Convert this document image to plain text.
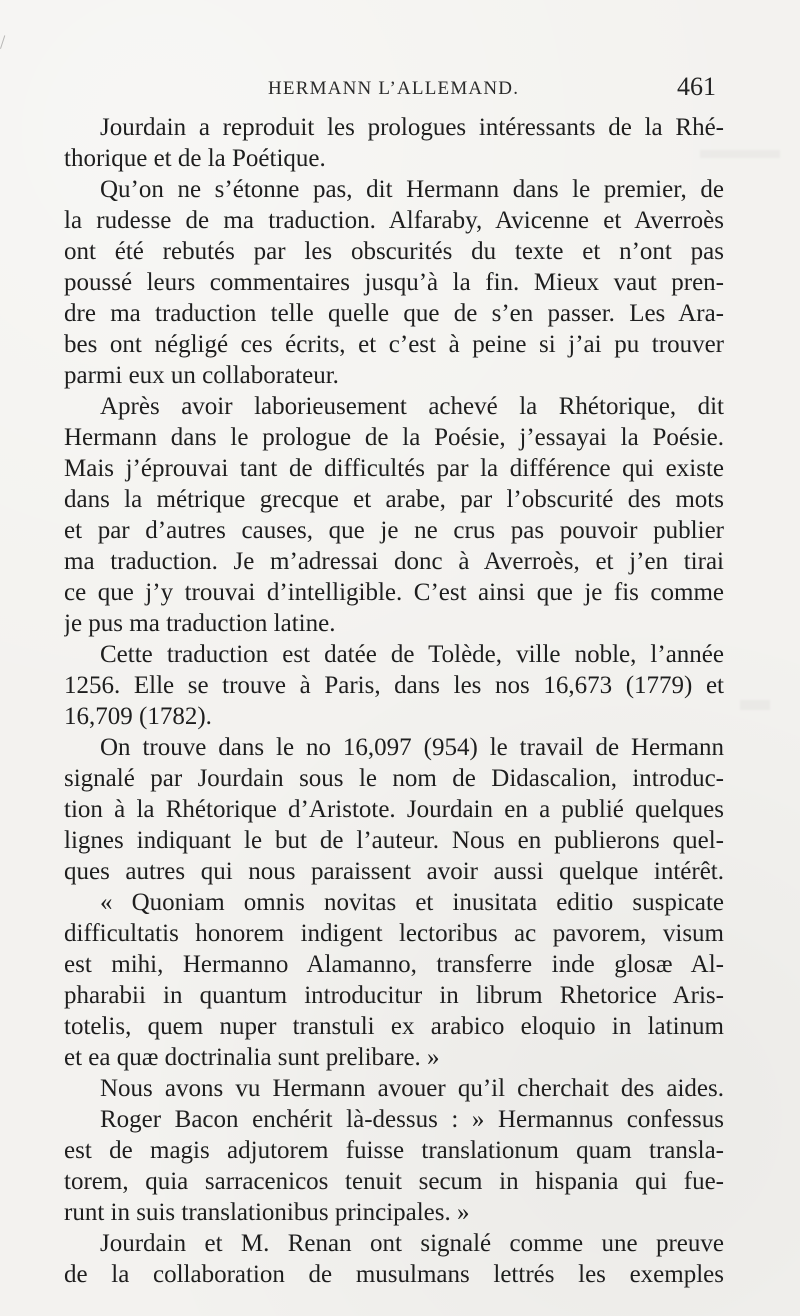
HERMANN L’ALLEMAND.	461
Jourdain a reproduit les prologues intéressants de la Rhé-
thorique et de la Poétique.
Qu’on ne s’étonne pas, dit Hermann dans le premier, de
la rudesse de ma traduction. Alfaraby, Avicenne et Averroès
ont été rebutés par les obscurités du texte et n’ont pas
poussé leurs commentaires jusqu’à la fin. Mieux vaut pren-
dre ma traduction telle quelle que de s’en passer. Les Ara-
bes ont négligé ces écrits, et c’est à peine si j’ai pu trouver
parmi eux un collaborateur.
Après avoir laborieusement achevé la Rhétorique, dit
Hermann dans le prologue de la Poésie, j’essayai la Poésie.
Mais j’éprouvai tant de difficultés par la différence qui existe
dans la métrique grecque et arabe, par l’obscurité des mots
et par d’autres causes, que je ne crus pas pouvoir publier
ma traduction. Je m’adressai donc à Averroès, et j’en tirai
ce que j’y trouvai d’intelligible. C’est ainsi que je fis comme
je pus ma traduction latine.
Cette traduction est datée de Tolède, ville noble, l’année
1256. Elle se trouve à Paris, dans les nos 16,673 (1779) et
16,709 (1782).
On trouve dans le no 16,097 (954) le travail de Hermann
signalé par Jourdain sous le nom de Didascalion, introduc-
tion à la Rhétorique d’Aristote. Jourdain en a publié quelques
lignes indiquant le but de l’auteur. Nous en publierons quel-
ques autres qui nous paraissent avoir aussi quelque intérêt.
« Quoniam omnis novitas et inusitata editio suspicate
difficultatis honorem indigent lectoribus ac pavorem, visum
est mihi, Hermanno Alamanno, transferre inde glosæ Al-
pharabii in quantum introducitur in librum Rhetorice Aris-
totelis, quem nuper transtuli ex arabico eloquio in latinum
et ea quæ doctrinalia sunt prelibare. »
Nous avons vu Hermann avouer qu’il cherchait des aides.
Roger Bacon enchérit là-dessus : » Hermannus confessus
est de magis adjutorem fuisse translationum quam transla-
torem, quia sarracenicos tenuit secum in hispania qui fue-
runt in suis translationibus principales. »
Jourdain et M. Renan ont signalé comme une preuve
de la collaboration de musulmans lettrés les exemples
